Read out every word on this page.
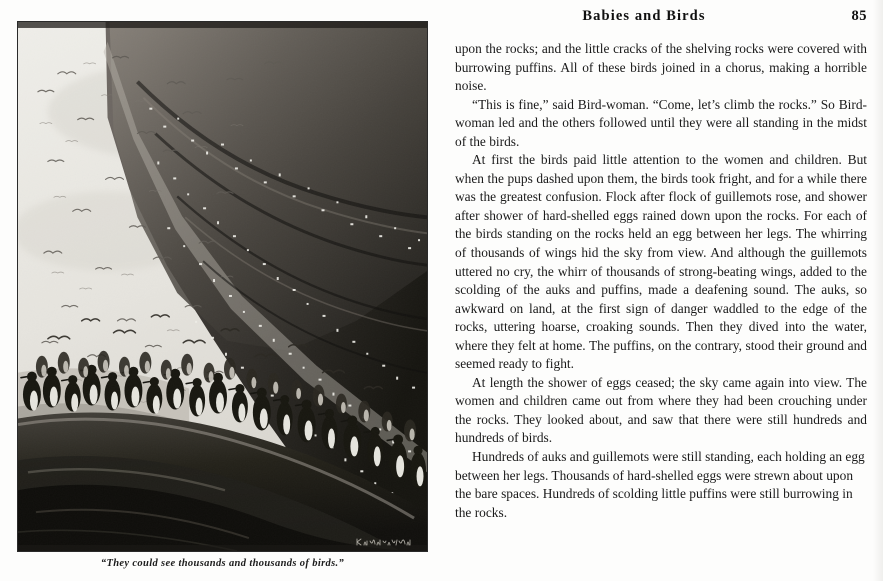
“They could see thousands and thousands of birds.”
Babies and Birds	85

upon the rocks; and the little cracks of the shelving rocks were covered with burrowing puffins. All of these birds joined in a chorus, making a horrible noise.

“This is fine,” said Bird-woman. “Come, let’s climb the rocks.” So Bird-woman led and the others followed until they were all standing in the midst of the birds.

At first the birds paid little attention to the women and children. But when the pups dashed upon them, the birds took fright, and for a while there was the greatest confusion. Flock after flock of guillemots rose, and shower after shower of hard-shelled eggs rained down upon the rocks. For each of the birds standing on the rocks held an egg between her legs. The whirring of thousands of wings hid the sky from view. And although the guillemots uttered no cry, the whirr of thousands of strong-beating wings, added to the scolding of the auks and puffins, made a deafening sound. The auks, so awkward on land, at the first sign of danger waddled to the edge of the rocks, uttering hoarse, croaking sounds. Then they dived into the water, where they felt at home. The puffins, on the contrary, stood their ground and seemed ready to fight.

At length the shower of eggs ceased; the sky came again into view. The women and children came out from where they had been crouching under the rocks. They looked about, and saw that there were still hundreds and hundreds of birds.

Hundreds of auks and guillemots were still standing, each holding an egg between her legs. Thousands of hard-shelled eggs were strewn about upon the bare spaces. Hundreds of scolding little puffins were still burrowing in the rocks.
